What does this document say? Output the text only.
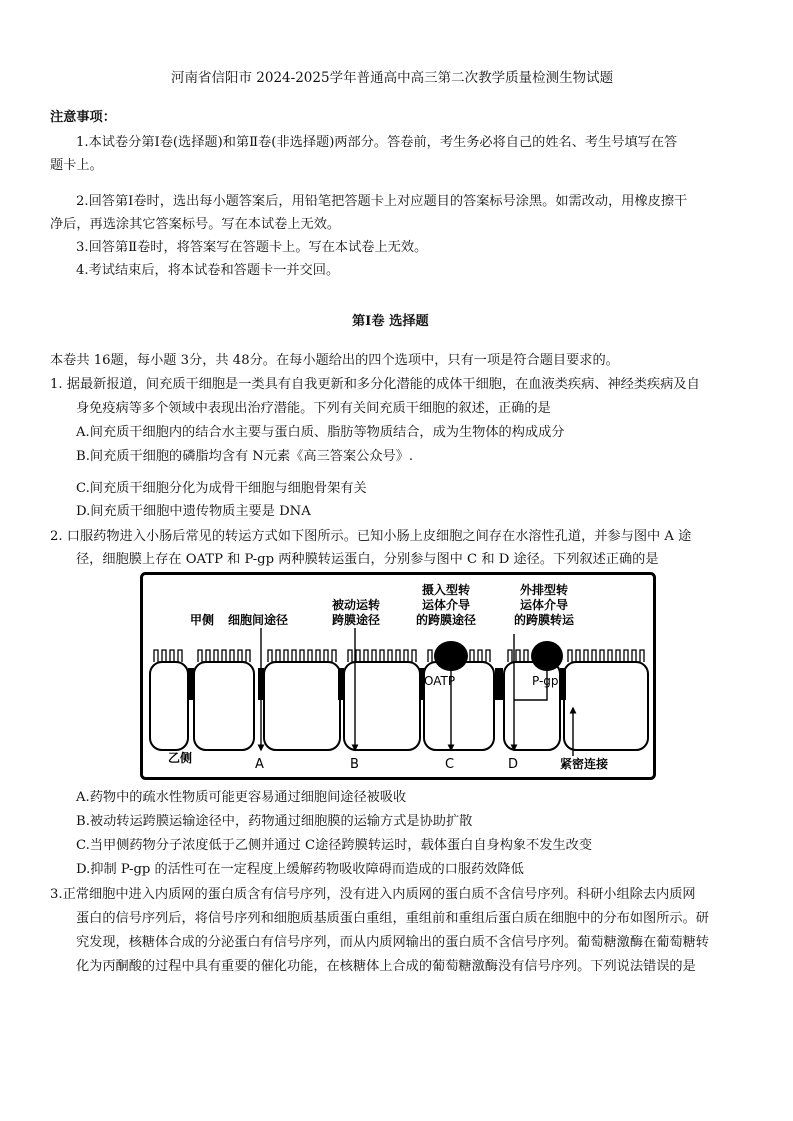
河南省信阳市 2024-2025学年普通高中高三第二次教学质量检测生物试题
注意事项：
1.本试卷分第Ⅰ卷(选择题)和第Ⅱ卷(非选择题)两部分。答卷前，考生务必将自己的姓名、考生号填写在答
题卡上。
2.回答第Ⅰ卷时，选出每小题答案后，用铅笔把答题卡上对应题目的答案标号涂黑。如需改动，用橡皮擦干
净后，再选涂其它答案标号。写在本试卷上无效。
3.回答第Ⅱ卷时，将答案写在答题卡上。写在本试卷上无效。
4.考试结束后，将本试卷和答题卡一并交回。
第Ⅰ卷 选择题
本卷共 16题，每小题 3分，共 48分。在每小题给出的四个选项中，只有一项是符合题目要求的。
1. 据最新报道，间充质干细胞是一类具有自我更新和多分化潜能的成体干细胞，在血液类疾病、神经类疾病及自
身免疫病等多个领域中表现出治疗潜能。下列有关间充质干细胞的叙述，正确的是
A.间充质干细胞内的结合水主要与蛋白质、脂肪等物质结合，成为生物体的构成成分
B.间充质干细胞的磷脂均含有 N元素《高三答案公众号》.
C.间充质干细胞分化为成骨干细胞与细胞骨架有关
D.间充质干细胞中遗传物质主要是 DNA
2. 口服药物进入小肠后常见的转运方式如下图所示。已知小肠上皮细胞之间存在水溶性孔道，并参与图中 A 途
径，细胞膜上存在 OATP 和 P-gp 两种膜转运蛋白，分别参与图中 C 和 D 途径。下列叙述正确的是
甲侧 细胞间途径
被动运转
跨膜途径
摄入型转
运体介导
的跨膜途径
外排型转
运体介导
的跨膜转运
OATP	P-gp
乙侧	A	B	C	D	紧密连接
A.药物中的疏水性物质可能更容易通过细胞间途径被吸收
B.被动转运跨膜运输途径中，药物通过细胞膜的运输方式是协助扩散
C.当甲侧药物分子浓度低于乙侧并通过 C途径跨膜转运时，载体蛋白自身构象不发生改变
D.抑制 P-gp 的活性可在一定程度上缓解药物吸收障碍而造成的口服药效降低
3.正常细胞中进入内质网的蛋白质含有信号序列，没有进入内质网的蛋白质不含信号序列。科研小组除去内质网
蛋白的信号序列后，将信号序列和细胞质基质蛋白重组，重组前和重组后蛋白质在细胞中的分布如图所示。研
究发现，核糖体合成的分泌蛋白有信号序列，而从内质网输出的蛋白质不含信号序列。葡萄糖激酶在葡萄糖转
化为丙酮酸的过程中具有重要的催化功能，在核糖体上合成的葡萄糖激酶没有信号序列。下列说法错误的是
